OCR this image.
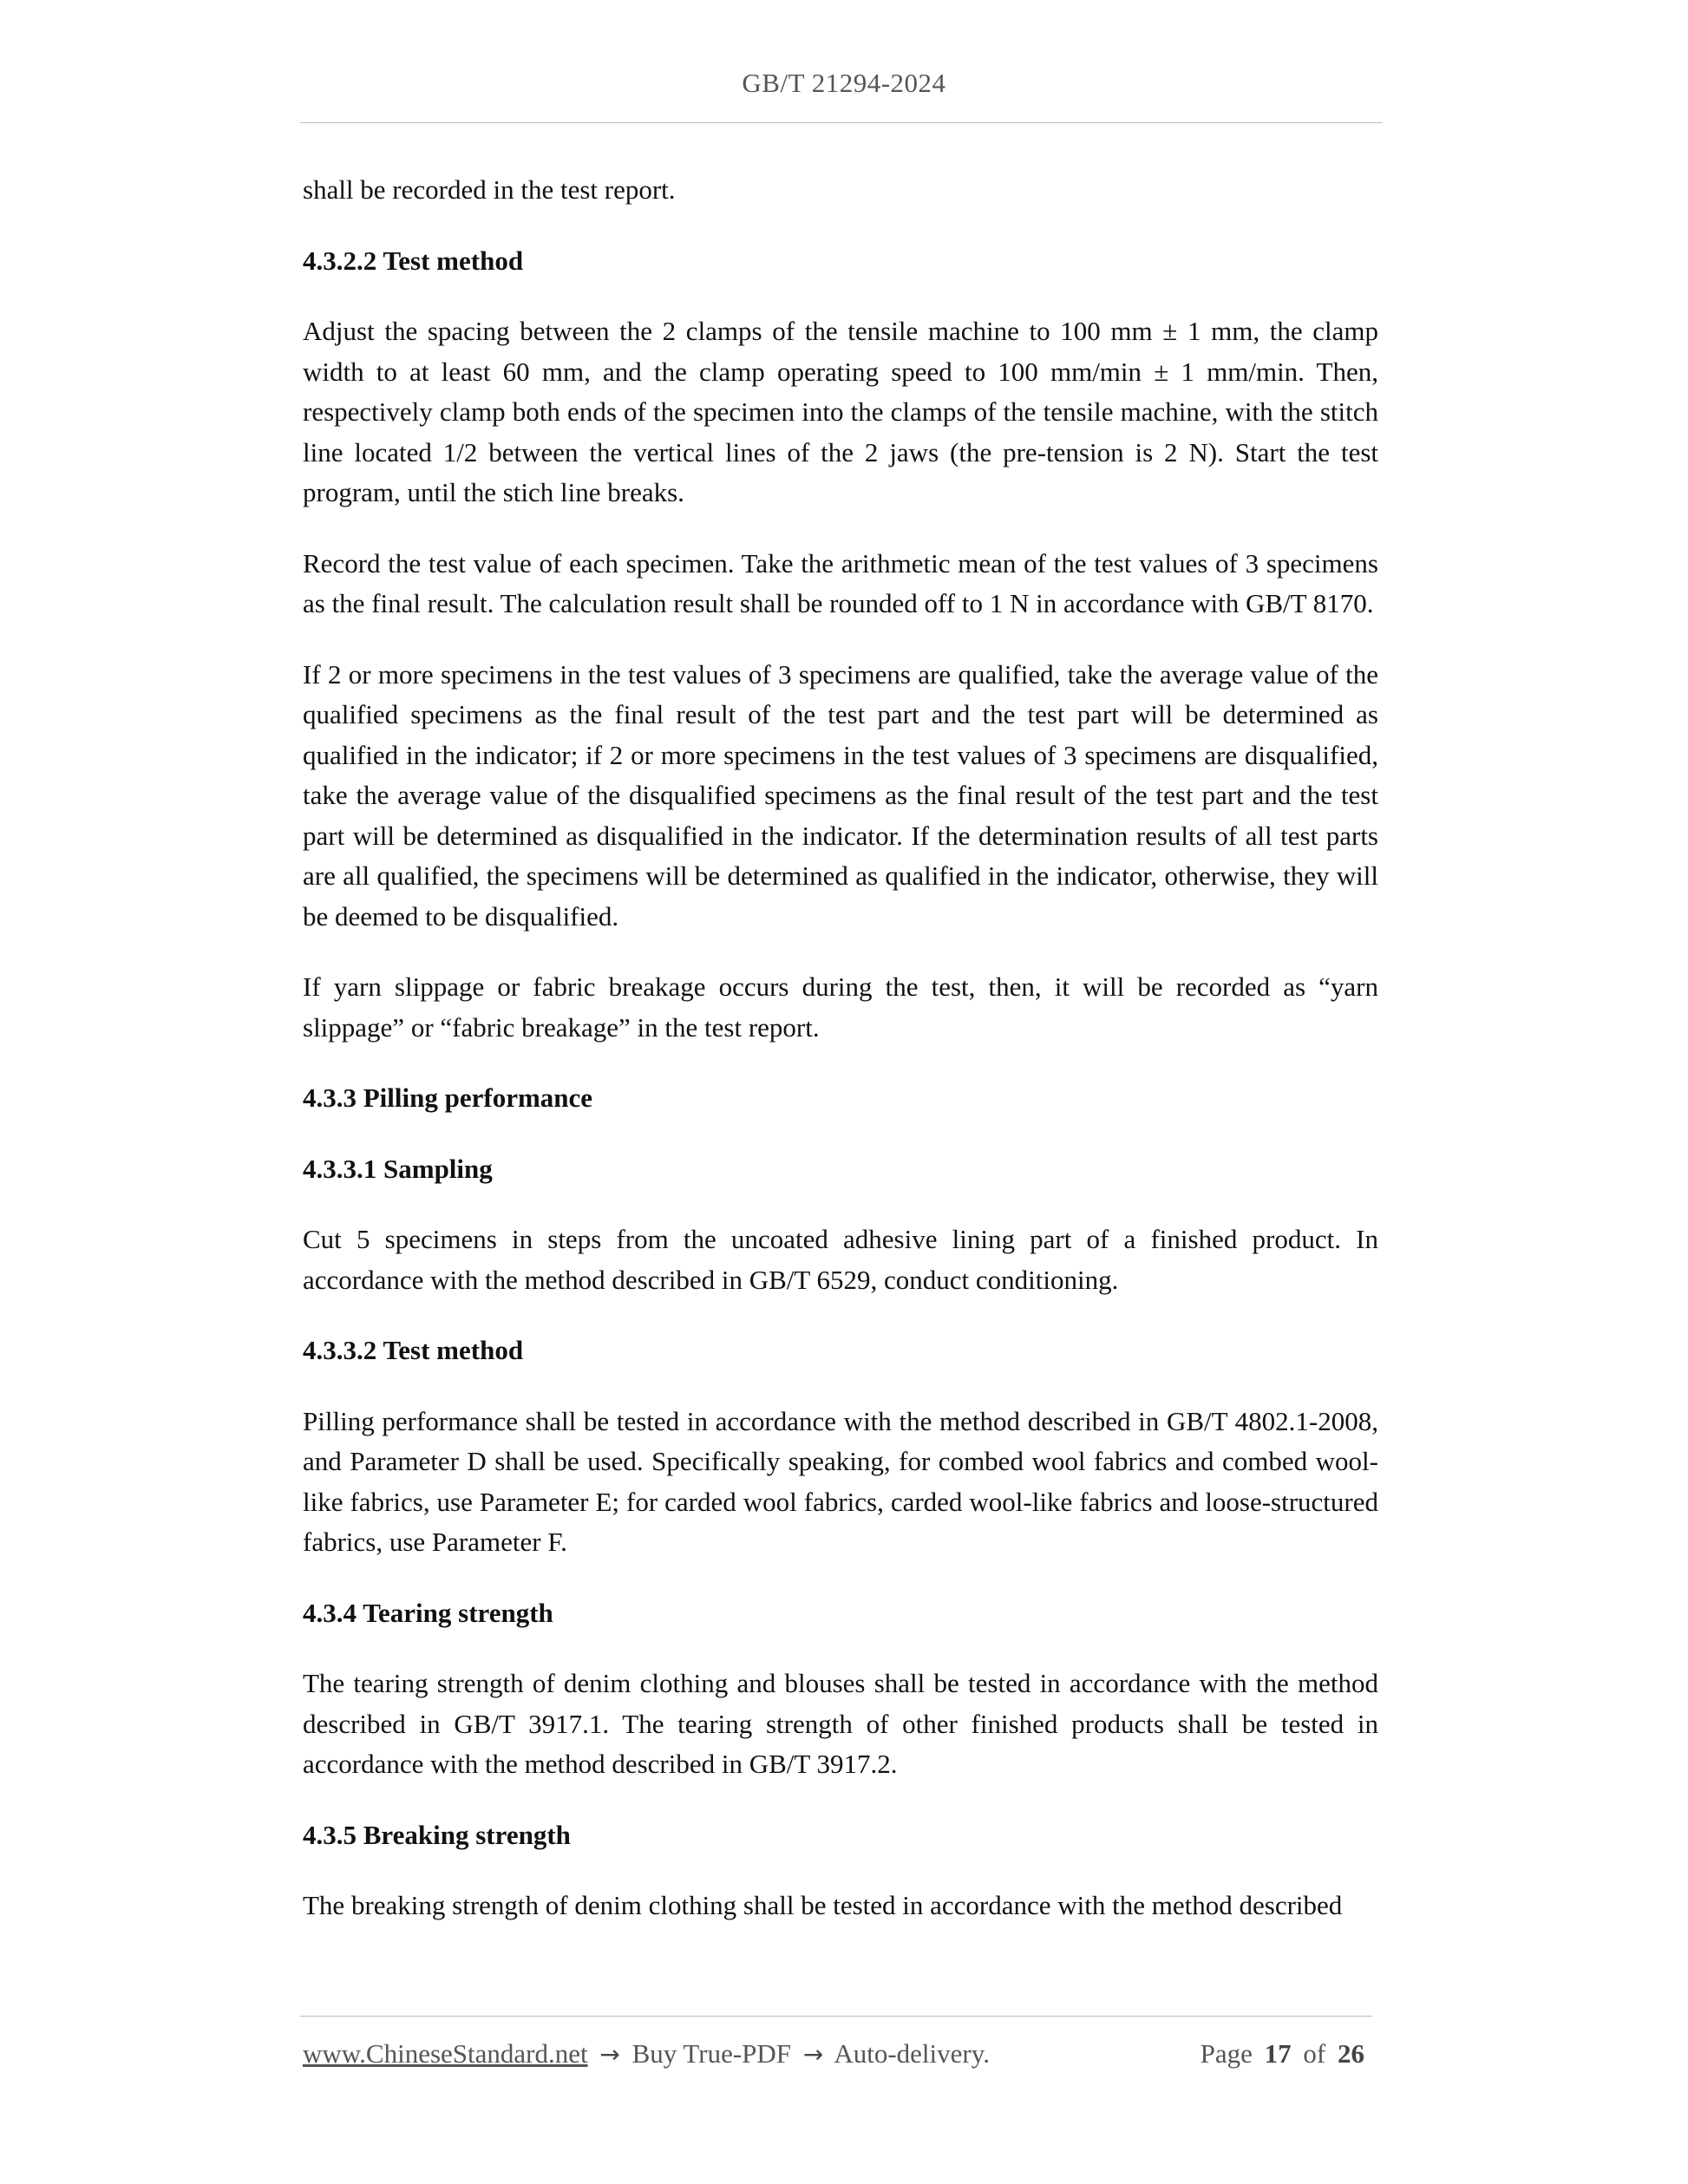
GB/T 21294-2024

shall be recorded in the test report.

4.3.2.2 Test method

Adjust the spacing between the 2 clamps of the tensile machine to 100 mm ± 1 mm, the clamp width to at least 60 mm, and the clamp operating speed to 100 mm/min ± 1 mm/min. Then, respectively clamp both ends of the specimen into the clamps of the tensile machine, with the stitch line located 1/2 between the vertical lines of the 2 jaws (the pre-tension is 2 N). Start the test program, until the stich line breaks.

Record the test value of each specimen. Take the arithmetic mean of the test values of 3 specimens as the final result. The calculation result shall be rounded off to 1 N in accordance with GB/T 8170.

If 2 or more specimens in the test values of 3 specimens are qualified, take the average value of the qualified specimens as the final result of the test part and the test part will be determined as qualified in the indicator; if 2 or more specimens in the test values of 3 specimens are disqualified, take the average value of the disqualified specimens as the final result of the test part and the test part will be determined as disqualified in the indicator. If the determination results of all test parts are all qualified, the specimens will be determined as qualified in the indicator, otherwise, they will be deemed to be disqualified.

If yarn slippage or fabric breakage occurs during the test, then, it will be recorded as “yarn slippage” or “fabric breakage” in the test report.

4.3.3 Pilling performance

4.3.3.1 Sampling

Cut 5 specimens in steps from the uncoated adhesive lining part of a finished product. In accordance with the method described in GB/T 6529, conduct conditioning.

4.3.3.2 Test method

Pilling performance shall be tested in accordance with the method described in GB/T 4802.1-2008, and Parameter D shall be used. Specifically speaking, for combed wool fabrics and combed wool-like fabrics, use Parameter E; for carded wool fabrics, carded wool-like fabrics and loose-structured fabrics, use Parameter F.

4.3.4 Tearing strength

The tearing strength of denim clothing and blouses shall be tested in accordance with the method described in GB/T 3917.1. The tearing strength of other finished products shall be tested in accordance with the method described in GB/T 3917.2.

4.3.5 Breaking strength

The breaking strength of denim clothing shall be tested in accordance with the method described

www.ChineseStandard.net → Buy True-PDF → Auto-delivery.	Page 17 of 26
